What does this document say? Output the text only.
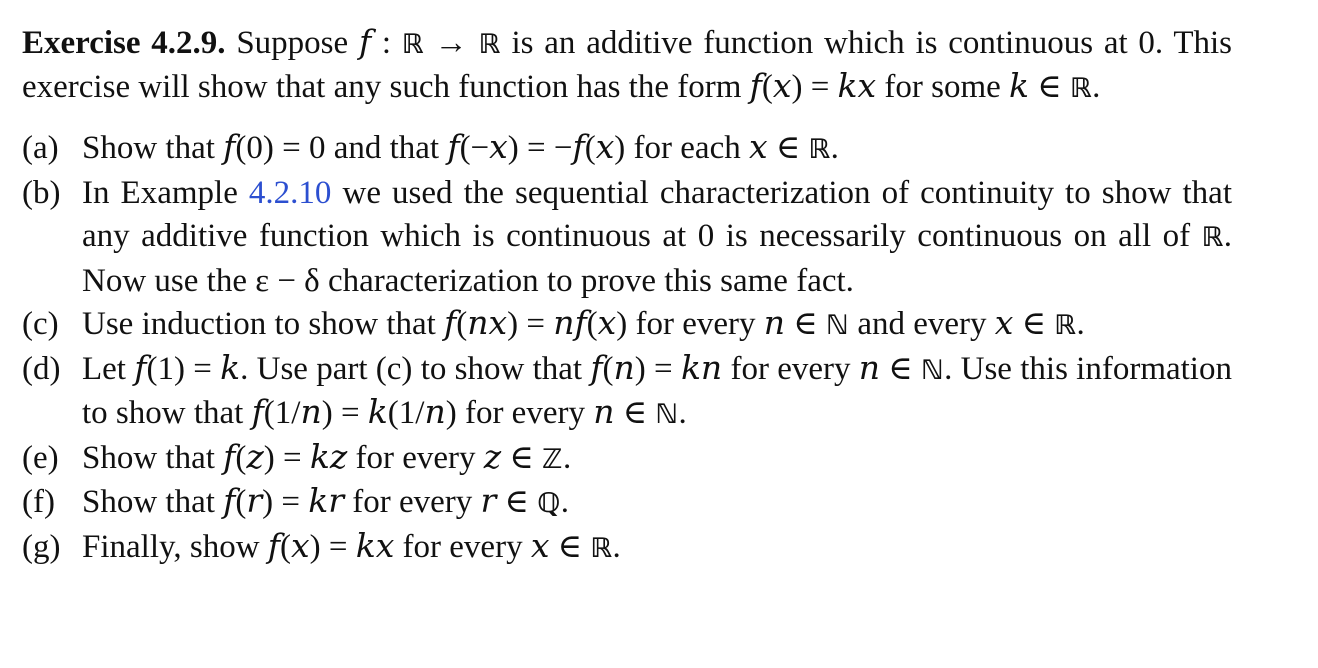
Exercise 4.2.9. Suppose 𝑓 : ℝ → ℝ is an additive function which is continuous at 0. This exercise will show that any such function has the form 𝑓(𝑥) = 𝑘𝑥 for some 𝑘 ∈ ℝ.

(a) Show that 𝑓(0) = 0 and that 𝑓(−𝑥) = −𝑓(𝑥) for each 𝑥 ∈ ℝ.
(b) In Example 4.2.10 we used the sequential characterization of continuity to show that any additive function which is continuous at 0 is necessarily continuous on all of ℝ. Now use the ε − δ characterization to prove this same fact.
(c) Use induction to show that 𝑓(𝑛𝑥) = 𝑛𝑓(𝑥) for every 𝑛 ∈ ℕ and every 𝑥 ∈ ℝ.
(d) Let 𝑓(1) = 𝑘. Use part (c) to show that 𝑓(𝑛) = 𝑘𝑛 for every 𝑛 ∈ ℕ. Use this information to show that 𝑓(1/𝑛) = 𝑘(1/𝑛) for every 𝑛 ∈ ℕ.
(e) Show that 𝑓(𝑧) = 𝑘𝑧 for every 𝑧 ∈ ℤ.
(f) Show that 𝑓(𝑟) = 𝑘𝑟 for every 𝑟 ∈ ℚ.
(g) Finally, show 𝑓(𝑥) = 𝑘𝑥 for every 𝑥 ∈ ℝ.
